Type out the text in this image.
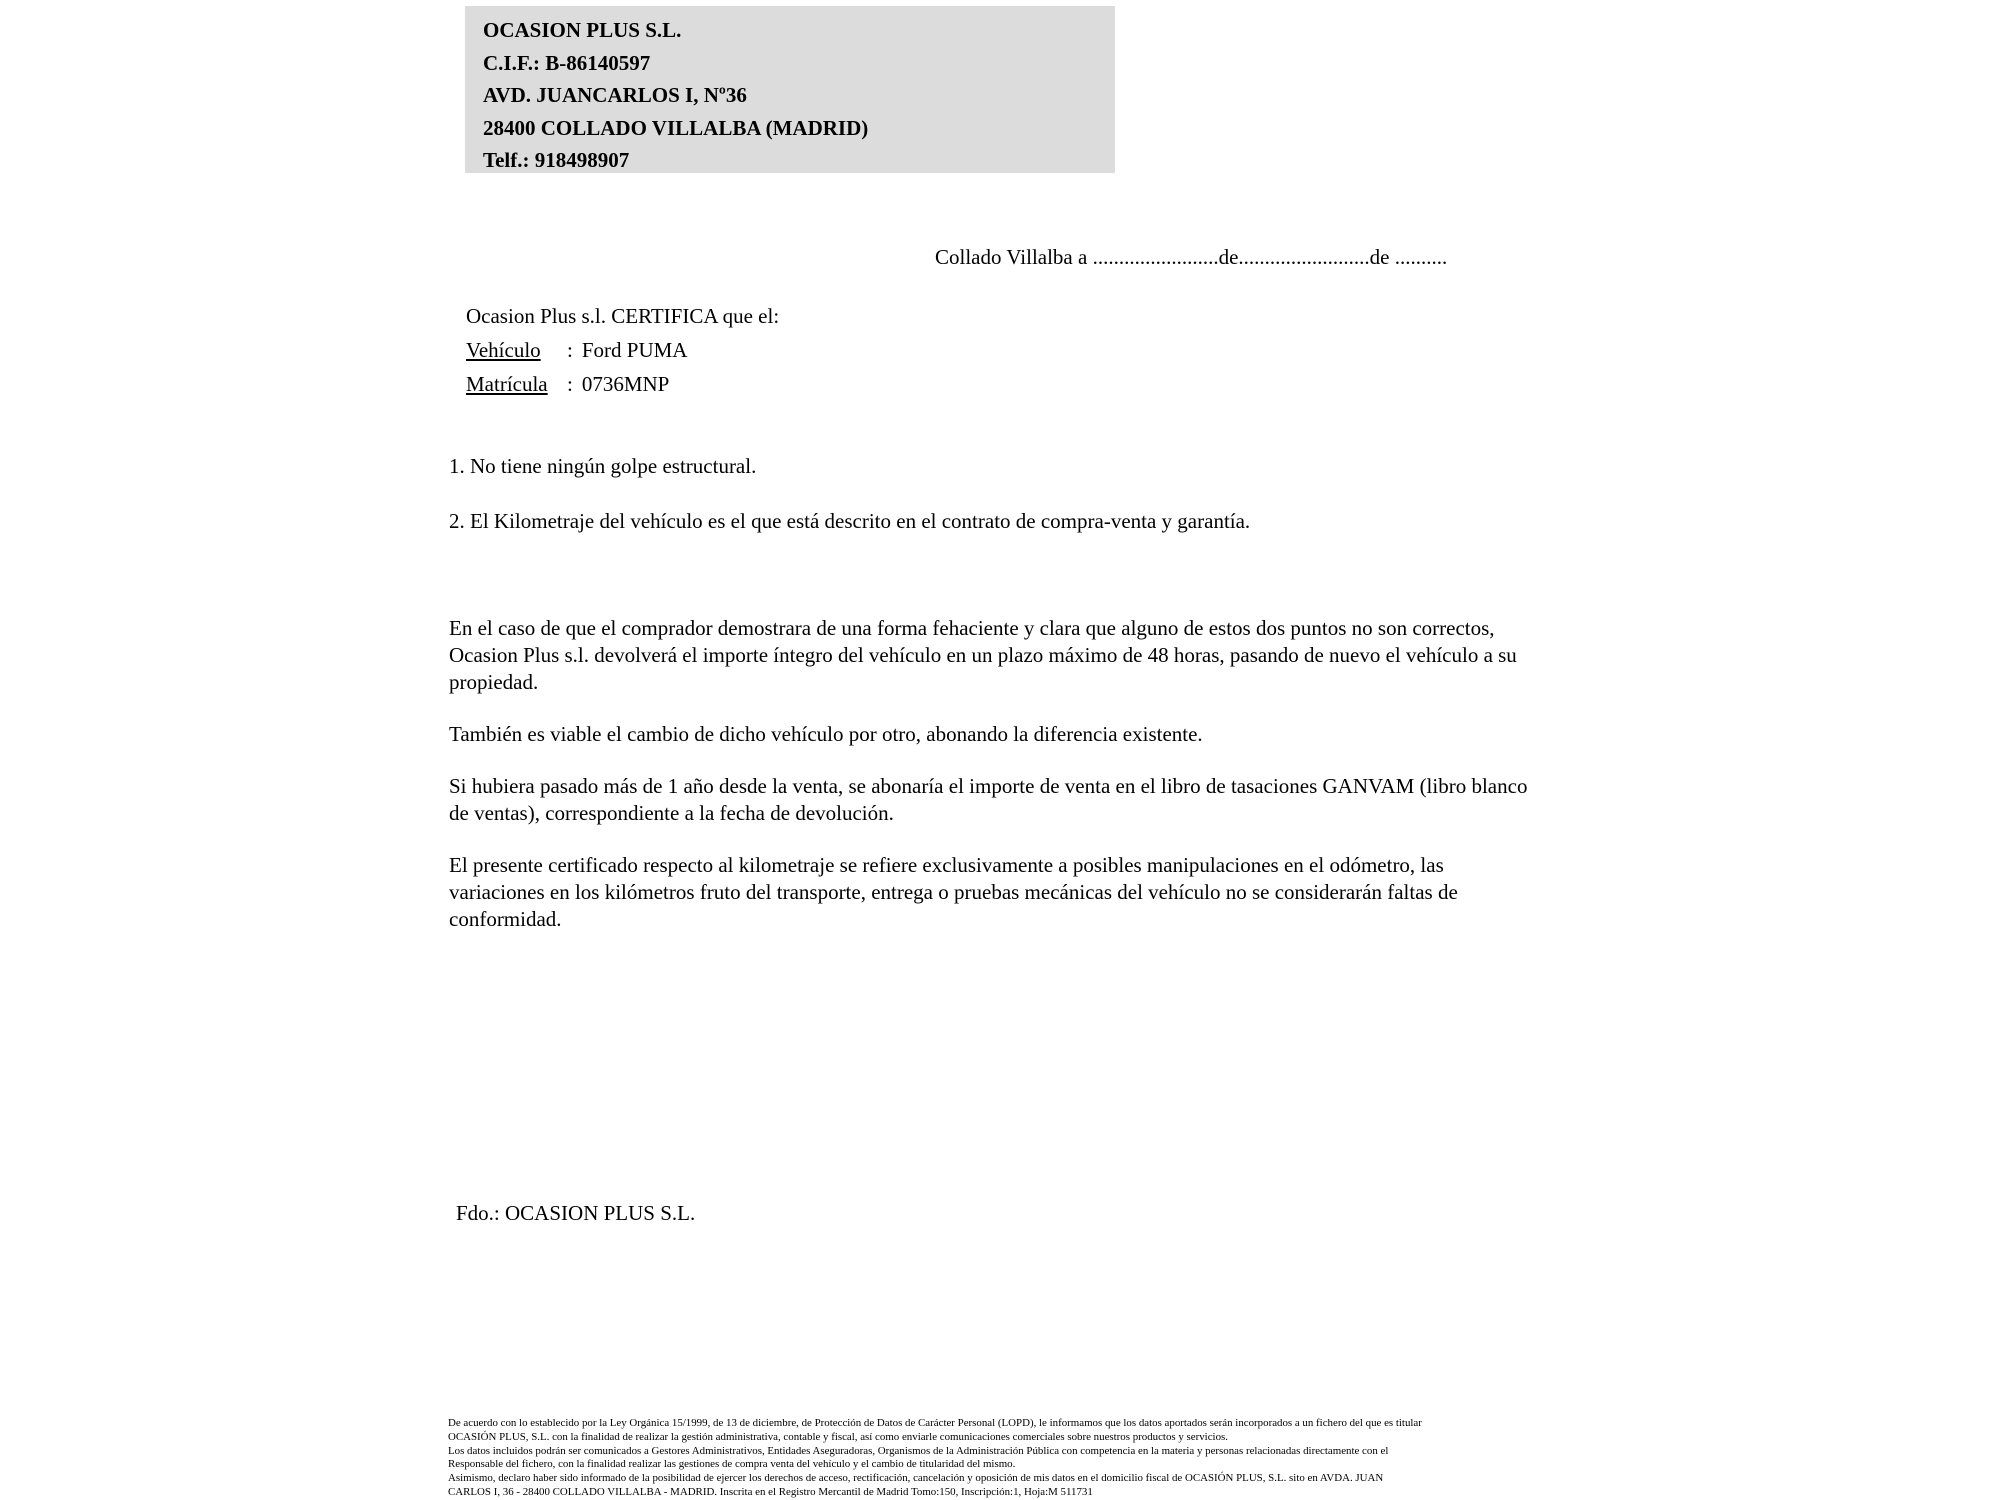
OCASION PLUS S.L.
C.I.F.: B-86140597
AVD. JUANCARLOS I, Nº36
28400 COLLADO VILLALBA (MADRID)
Telf.: 918498907
Collado Villalba a ........................de.........................de ..........
Ocasion Plus s.l. CERTIFICA que el:
Vehículo : Ford PUMA
Matrícula : 0736MNP
1. No tiene ningún golpe estructural.
2. El Kilometraje del vehículo es el que está descrito en el contrato de compra-venta y garantía.

En el caso de que el comprador demostrara de una forma fehaciente y clara que alguno de estos dos puntos no son correctos, Ocasion Plus s.l. devolverá el importe íntegro del vehículo en un plazo máximo de 48 horas, pasando de nuevo el vehículo a su propiedad.

También es viable el cambio de dicho vehículo por otro, abonando la diferencia existente.

Si hubiera pasado más de 1 año desde la venta, se abonaría el importe de venta en el libro de tasaciones GANVAM (libro blanco de ventas), correspondiente a la fecha de devolución.

El presente certificado respecto al kilometraje se refiere exclusivamente a posibles manipulaciones en el odómetro, las variaciones en los kilómetros fruto del transporte, entrega o pruebas mecánicas del vehículo no se considerarán faltas de conformidad.

Fdo.: OCASION PLUS S.L.
De acuerdo con lo establecido por la Ley Orgánica 15/1999, de 13 de diciembre, de Protección de Datos de Carácter Personal (LOPD), le informamos que los datos aportados serán incorporados a un fichero del que es titular
OCASIÓN PLUS, S.L. con la finalidad de realizar la gestión administrativa, contable y fiscal, así como enviarle comunicaciones comerciales sobre nuestros productos y servicios.
Los datos incluidos podrán ser comunicados a Gestores Administrativos, Entidades Aseguradoras, Organismos de la Administración Pública con competencia en la materia y personas relacionadas directamente con el
Responsable del fichero, con la finalidad realizar las gestiones de compra venta del vehículo y el cambio de titularidad del mismo.
Asimismo, declaro haber sido informado de la posibilidad de ejercer los derechos de acceso, rectificación, cancelación y oposición de mis datos en el domicilio fiscal de OCASIÓN PLUS, S.L. sito en AVDA. JUAN
CARLOS I, 36 - 28400 COLLADO VILLALBA - MADRID. Inscrita en el Registro Mercantil de Madrid Tomo:150, Inscripción:1, Hoja:M 511731
